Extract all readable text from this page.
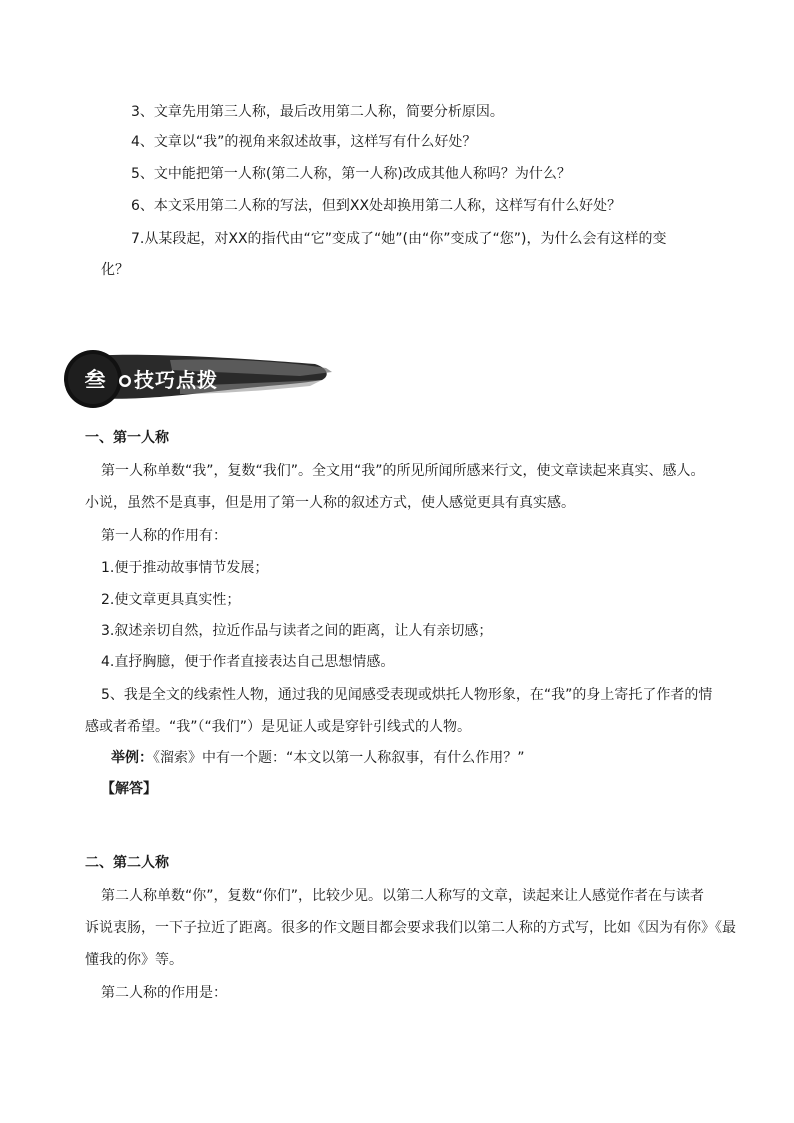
3、文章先用第三人称，最后改用第二人称，简要分析原因。
4、文章以“我”的视角来叙述故事，这样写有什么好处？
5、文中能把第一人称(第二人称，第一人称)改成其他人称吗？为什么？
6、本文采用第二人称的写法，但到XX处却换用第二人称，这样写有什么好处？
7.从某段起，对XX的指代由“它”变成了“她”(由“你”变成了“您”)，为什么会有这样的变
化？
叁	技巧点拨
一、第一人称
第一人称单数“我”，复数“我们”。全文用“我”的所见所闻所感来行文，使文章读起来真实、感人。
小说，虽然不是真事，但是用了第一人称的叙述方式，使人感觉更具有真实感。
第一人称的作用有：
1.便于推动故事情节发展；
2.使文章更具真实性；
3.叙述亲切自然，拉近作品与读者之间的距离，让人有亲切感；
4.直抒胸臆，便于作者直接表达自己思想情感。
5、我是全文的线索性人物，通过我的见闻感受表现或烘托人物形象，在“我”的身上寄托了作者的情
感或者希望。“我”（“我们”）是见证人或是穿针引线式的人物。
举例：《溜索》中有一个题：“本文以第一人称叙事，有什么作用？”
【解答】
二、第二人称
第二人称单数“你”，复数“你们”，比较少见。以第二人称写的文章，读起来让人感觉作者在与读者
诉说衷肠，一下子拉近了距离。很多的作文题目都会要求我们以第二人称的方式写，比如《因为有你》《最
懂我的你》等。
第二人称的作用是：
